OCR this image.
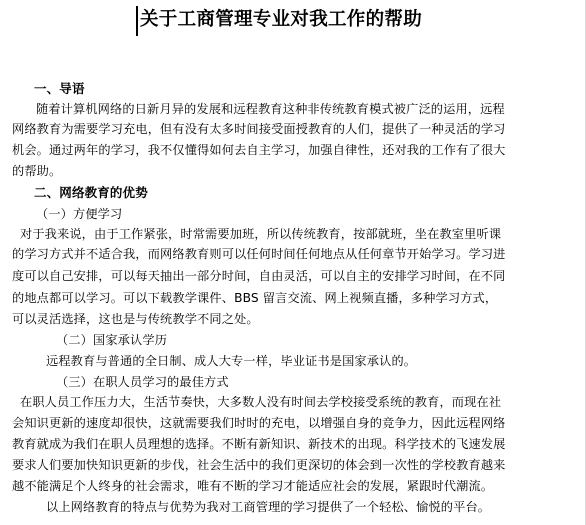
关于工商管理专业对我工作的帮助
一、导语
随着计算机网络的日新月异的发展和远程教育这种非传统教育模式被广泛的运用，远程
网络教育为需要学习充电，但有没有太多时间接受面授教育的人们，提供了一种灵活的学习
机会。通过两年的学习，我不仅懂得如何去自主学习，加强自律性，还对我的工作有了很大
的帮助。
二、网络教育的优势
（一）方便学习
对于我来说，由于工作紧张，时常需要加班，所以传统教育，按部就班，坐在教室里听课
的学习方式并不适合我，而网络教育则可以任何时间任何地点从任何章节开始学习。学习进
度可以自己安排，可以每天抽出一部分时间，自由灵活，可以自主的安排学习时间，在不同
的地点都可以学习。可以下载教学课件、BBS 留言交流、网上视频直播，多种学习方式，
可以灵活选择，这也是与传统教学不同之处。
（二）国家承认学历
远程教育与普通的全日制、成人大专一样，毕业证书是国家承认的。
（三）在职人员学习的最佳方式
在职人员工作压力大，生活节奏快，大多数人没有时间去学校接受系统的教育，而现在社
会知识更新的速度却很快，这就需要我们时时的充电，以增强自身的竞争力，因此远程网络
教育就成为我们在职人员理想的选择。不断有新知识、新技术的出现。科学技术的飞速发展
要求人们要加快知识更新的步伐，社会生活中的我们更深切的体会到一次性的学校教育越来
越不能满足个人终身的社会需求，唯有不断的学习才能适应社会的发展，紧跟时代潮流。
以上网络教育的特点与优势为我对工商管理的学习提供了一个轻松、愉悦的平台。
